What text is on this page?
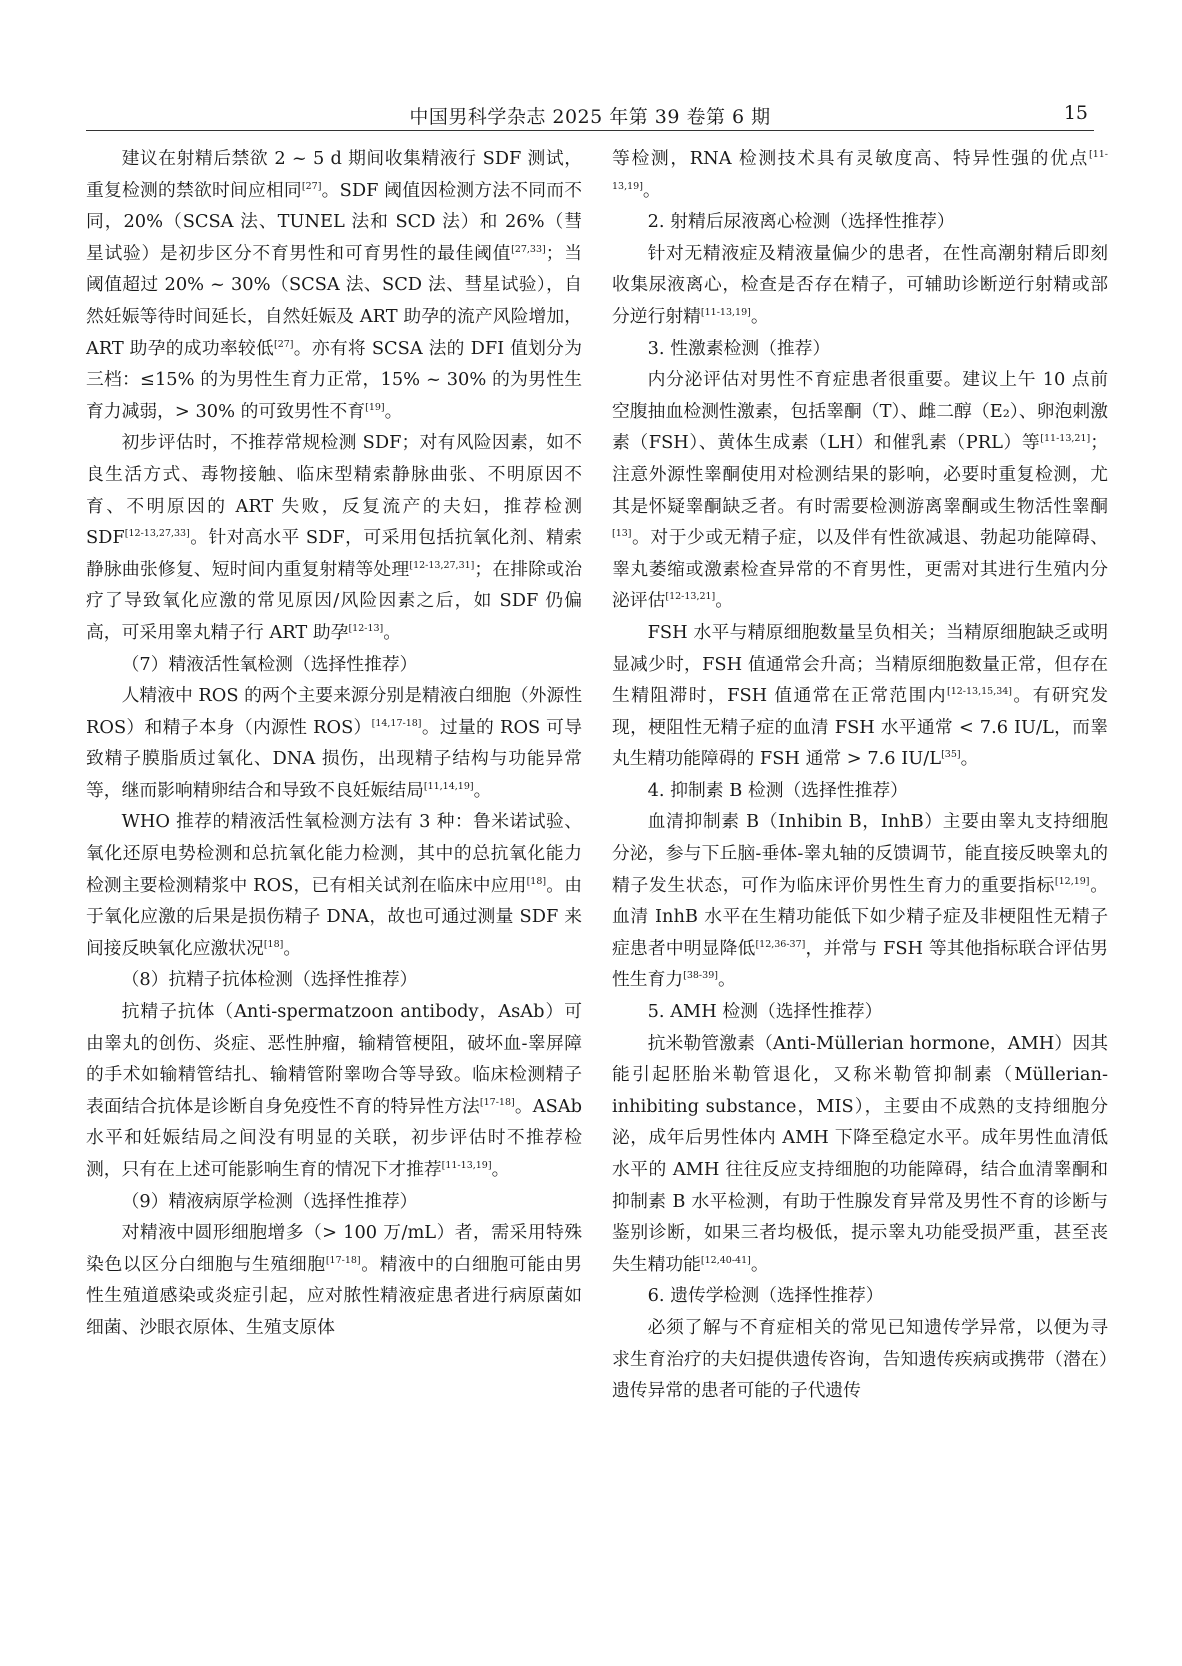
中国男科学杂志 2025 年第 39 卷第 6 期	15

建议在射精后禁欲 2 ~ 5 d 期间收集精液行 SDF 测试，重复检测的禁欲时间应相同[27]。SDF 阈值因检测方法不同而不同，20%（SCSA 法、TUNEL 法和 SCD 法）和 26%（彗星试验）是初步区分不育男性和可育男性的最佳阈值[27,33]；当阈值超过 20% ~ 30%（SCSA 法、SCD 法、彗星试验），自然妊娠等待时间延长，自然妊娠及 ART 助孕的流产风险增加，ART 助孕的成功率较低[27]。亦有将 SCSA 法的 DFI 值划分为三档：≤15% 的为男性生育力正常，15% ~ 30% 的为男性生育力减弱，> 30% 的可致男性不育[19]。

初步评估时，不推荐常规检测 SDF；对有风险因素，如不良生活方式、毒物接触、临床型精索静脉曲张、不明原因不育、不明原因的 ART 失败，反复流产的夫妇，推荐检测 SDF[12-13,27,33]。针对高水平 SDF，可采用包括抗氧化剂、精索静脉曲张修复、短时间内重复射精等处理[12-13,27,31]；在排除或治疗了导致氧化应激的常见原因/风险因素之后，如 SDF 仍偏高，可采用睾丸精子行 ART 助孕[12-13]。

（7）精液活性氧检测（选择性推荐）

人精液中 ROS 的两个主要来源分别是精液白细胞（外源性 ROS）和精子本身（内源性 ROS）[14,17-18]。过量的 ROS 可导致精子膜脂质过氧化、DNA 损伤，出现精子结构与功能异常等，继而影响精卵结合和导致不良妊娠结局[11,14,19]。

WHO 推荐的精液活性氧检测方法有 3 种：鲁米诺试验、氧化还原电势检测和总抗氧化能力检测，其中的总抗氧化能力检测主要检测精浆中 ROS，已有相关试剂在临床中应用[18]。由于氧化应激的后果是损伤精子 DNA，故也可通过测量 SDF 来间接反映氧化应激状况[18]。

（8）抗精子抗体检测（选择性推荐）

抗精子抗体（Anti-spermatzoon antibody，AsAb）可由睾丸的创伤、炎症、恶性肿瘤，输精管梗阻，破坏血-睾屏障的手术如输精管结扎、输精管附睾吻合等导致。临床检测精子表面结合抗体是诊断自身免疫性不育的特异性方法[17-18]。ASAb 水平和妊娠结局之间没有明显的关联，初步评估时不推荐检测，只有在上述可能影响生育的情况下才推荐[11-13,19]。

（9）精液病原学检测（选择性推荐）

对精液中圆形细胞增多（> 100 万/mL）者，需采用特殊染色以区分白细胞与生殖细胞[17-18]。精液中的白细胞可能由男性生殖道感染或炎症引起，应对脓性精液症患者进行病原菌如细菌、沙眼衣原体、生殖支原体

等检测，RNA 检测技术具有灵敏度高、特异性强的优点[11-13,19]。

2. 射精后尿液离心检测（选择性推荐）

针对无精液症及精液量偏少的患者，在性高潮射精后即刻收集尿液离心，检查是否存在精子，可辅助诊断逆行射精或部分逆行射精[11-13,19]。

3. 性激素检测（推荐）

内分泌评估对男性不育症患者很重要。建议上午 10 点前空腹抽血检测性激素，包括睾酮（T）、雌二醇（E₂）、卵泡刺激素（FSH）、黄体生成素（LH）和催乳素（PRL）等[11-13,21]；注意外源性睾酮使用对检测结果的影响，必要时重复检测，尤其是怀疑睾酮缺乏者。有时需要检测游离睾酮或生物活性睾酮[13]。对于少或无精子症，以及伴有性欲减退、勃起功能障碍、睾丸萎缩或激素检查异常的不育男性，更需对其进行生殖内分泌评估[12-13,21]。

FSH 水平与精原细胞数量呈负相关；当精原细胞缺乏或明显减少时，FSH 值通常会升高；当精原细胞数量正常，但存在生精阻滞时，FSH 值通常在正常范围内[12-13,15,34]。有研究发现，梗阻性无精子症的血清 FSH 水平通常 < 7.6 IU/L，而睾丸生精功能障碍的 FSH 通常 > 7.6 IU/L[35]。

4. 抑制素 B 检测（选择性推荐）

血清抑制素 B（Inhibin B，InhB）主要由睾丸支持细胞分泌，参与下丘脑-垂体-睾丸轴的反馈调节，能直接反映睾丸的精子发生状态，可作为临床评价男性生育力的重要指标[12,19]。血清 InhB 水平在生精功能低下如少精子症及非梗阻性无精子症患者中明显降低[12,36-37]，并常与 FSH 等其他指标联合评估男性生育力[38-39]。

5. AMH 检测（选择性推荐）

抗米勒管激素（Anti-Müllerian hormone，AMH）因其能引起胚胎米勒管退化，又称米勒管抑制素（Müllerian-inhibiting substance，MIS），主要由不成熟的支持细胞分泌，成年后男性体内 AMH 下降至稳定水平。成年男性血清低水平的 AMH 往往反应支持细胞的功能障碍，结合血清睾酮和抑制素 B 水平检测，有助于性腺发育异常及男性不育的诊断与鉴别诊断，如果三者均极低，提示睾丸功能受损严重，甚至丧失生精功能[12,40-41]。

6. 遗传学检测（选择性推荐）

必须了解与不育症相关的常见已知遗传学异常，以便为寻求生育治疗的夫妇提供遗传咨询，告知遗传疾病或携带（潜在）遗传异常的患者可能的子代遗传
